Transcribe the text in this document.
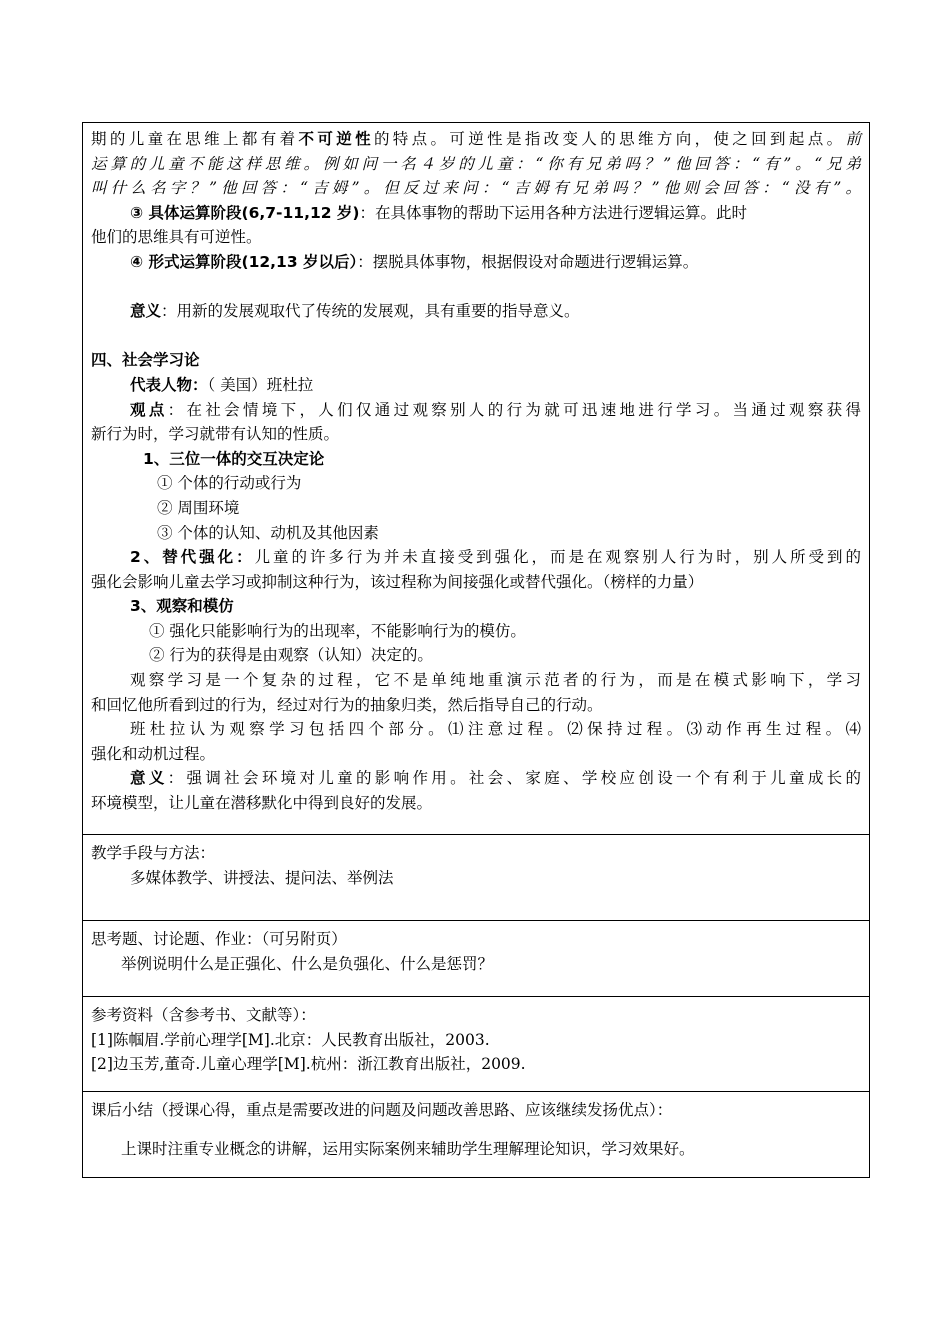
期的儿童在思维上都有着不可逆性的特点。可逆性是指改变人的思维方向，使之回到起点。前
运算的儿童不能这样思维。例如问一名４岁的儿童：“你有兄弟吗？”他回答：“有”。“兄弟
叫什么名字？”他回答：“吉姆”。但反过来问：“吉姆有兄弟吗？”他则会回答：“没有”。
③ 具体运算阶段(6,7-11,12 岁)：在具体事物的帮助下运用各种方法进行逻辑运算。此时
他们的思维具有可逆性。
④ 形式运算阶段(12,13 岁以后）：摆脱具体事物，根据假设对命题进行逻辑运算。
意义：用新的发展观取代了传统的发展观，具有重要的指导意义。
四、社会学习论
代表人物：（ 美国）班杜拉
观点：在社会情境下，人们仅通过观察别人的行为就可迅速地进行学习。当通过观察获得
新行为时，学习就带有认知的性质。
1、三位一体的交互决定论
① 个体的行动或行为
② 周围环境
③ 个体的认知、动机及其他因素
2、替代强化：儿童的许多行为并未直接受到强化，而是在观察别人行为时，别人所受到的
强化会影响儿童去学习或抑制这种行为，该过程称为间接强化或替代强化。（榜样的力量）
3、观察和模仿
① 强化只能影响行为的出现率，不能影响行为的模仿。
② 行为的获得是由观察（认知）决定的。
观察学习是一个复杂的过程，它不是单纯地重演示范者的行为，而是在模式影响下，学习
和回忆他所看到过的行为，经过对行为的抽象归类，然后指导自己的行动。
班杜拉认为观察学习包括四个部分。⑴注意过程。⑵保持过程。⑶动作再生过程。⑷
强化和动机过程。
意义：强调社会环境对儿童的影响作用。社会、家庭、学校应创设一个有利于儿童成长的
环境模型，让儿童在潜移默化中得到良好的发展。
教学手段与方法：
多媒体教学、讲授法、提问法、举例法
思考题、讨论题、作业：（可另附页）
举例说明什么是正强化、什么是负强化、什么是惩罚？
参考资料（含参考书、文献等）：
[1]陈帼眉.学前心理学[M].北京：人民教育出版社，2003.
[2]边玉芳,董奇.儿童心理学[M].杭州：浙江教育出版社，2009.
课后小结（授课心得，重点是需要改进的问题及问题改善思路、应该继续发扬优点）：
上课时注重专业概念的讲解，运用实际案例来辅助学生理解理论知识，学习效果好。
